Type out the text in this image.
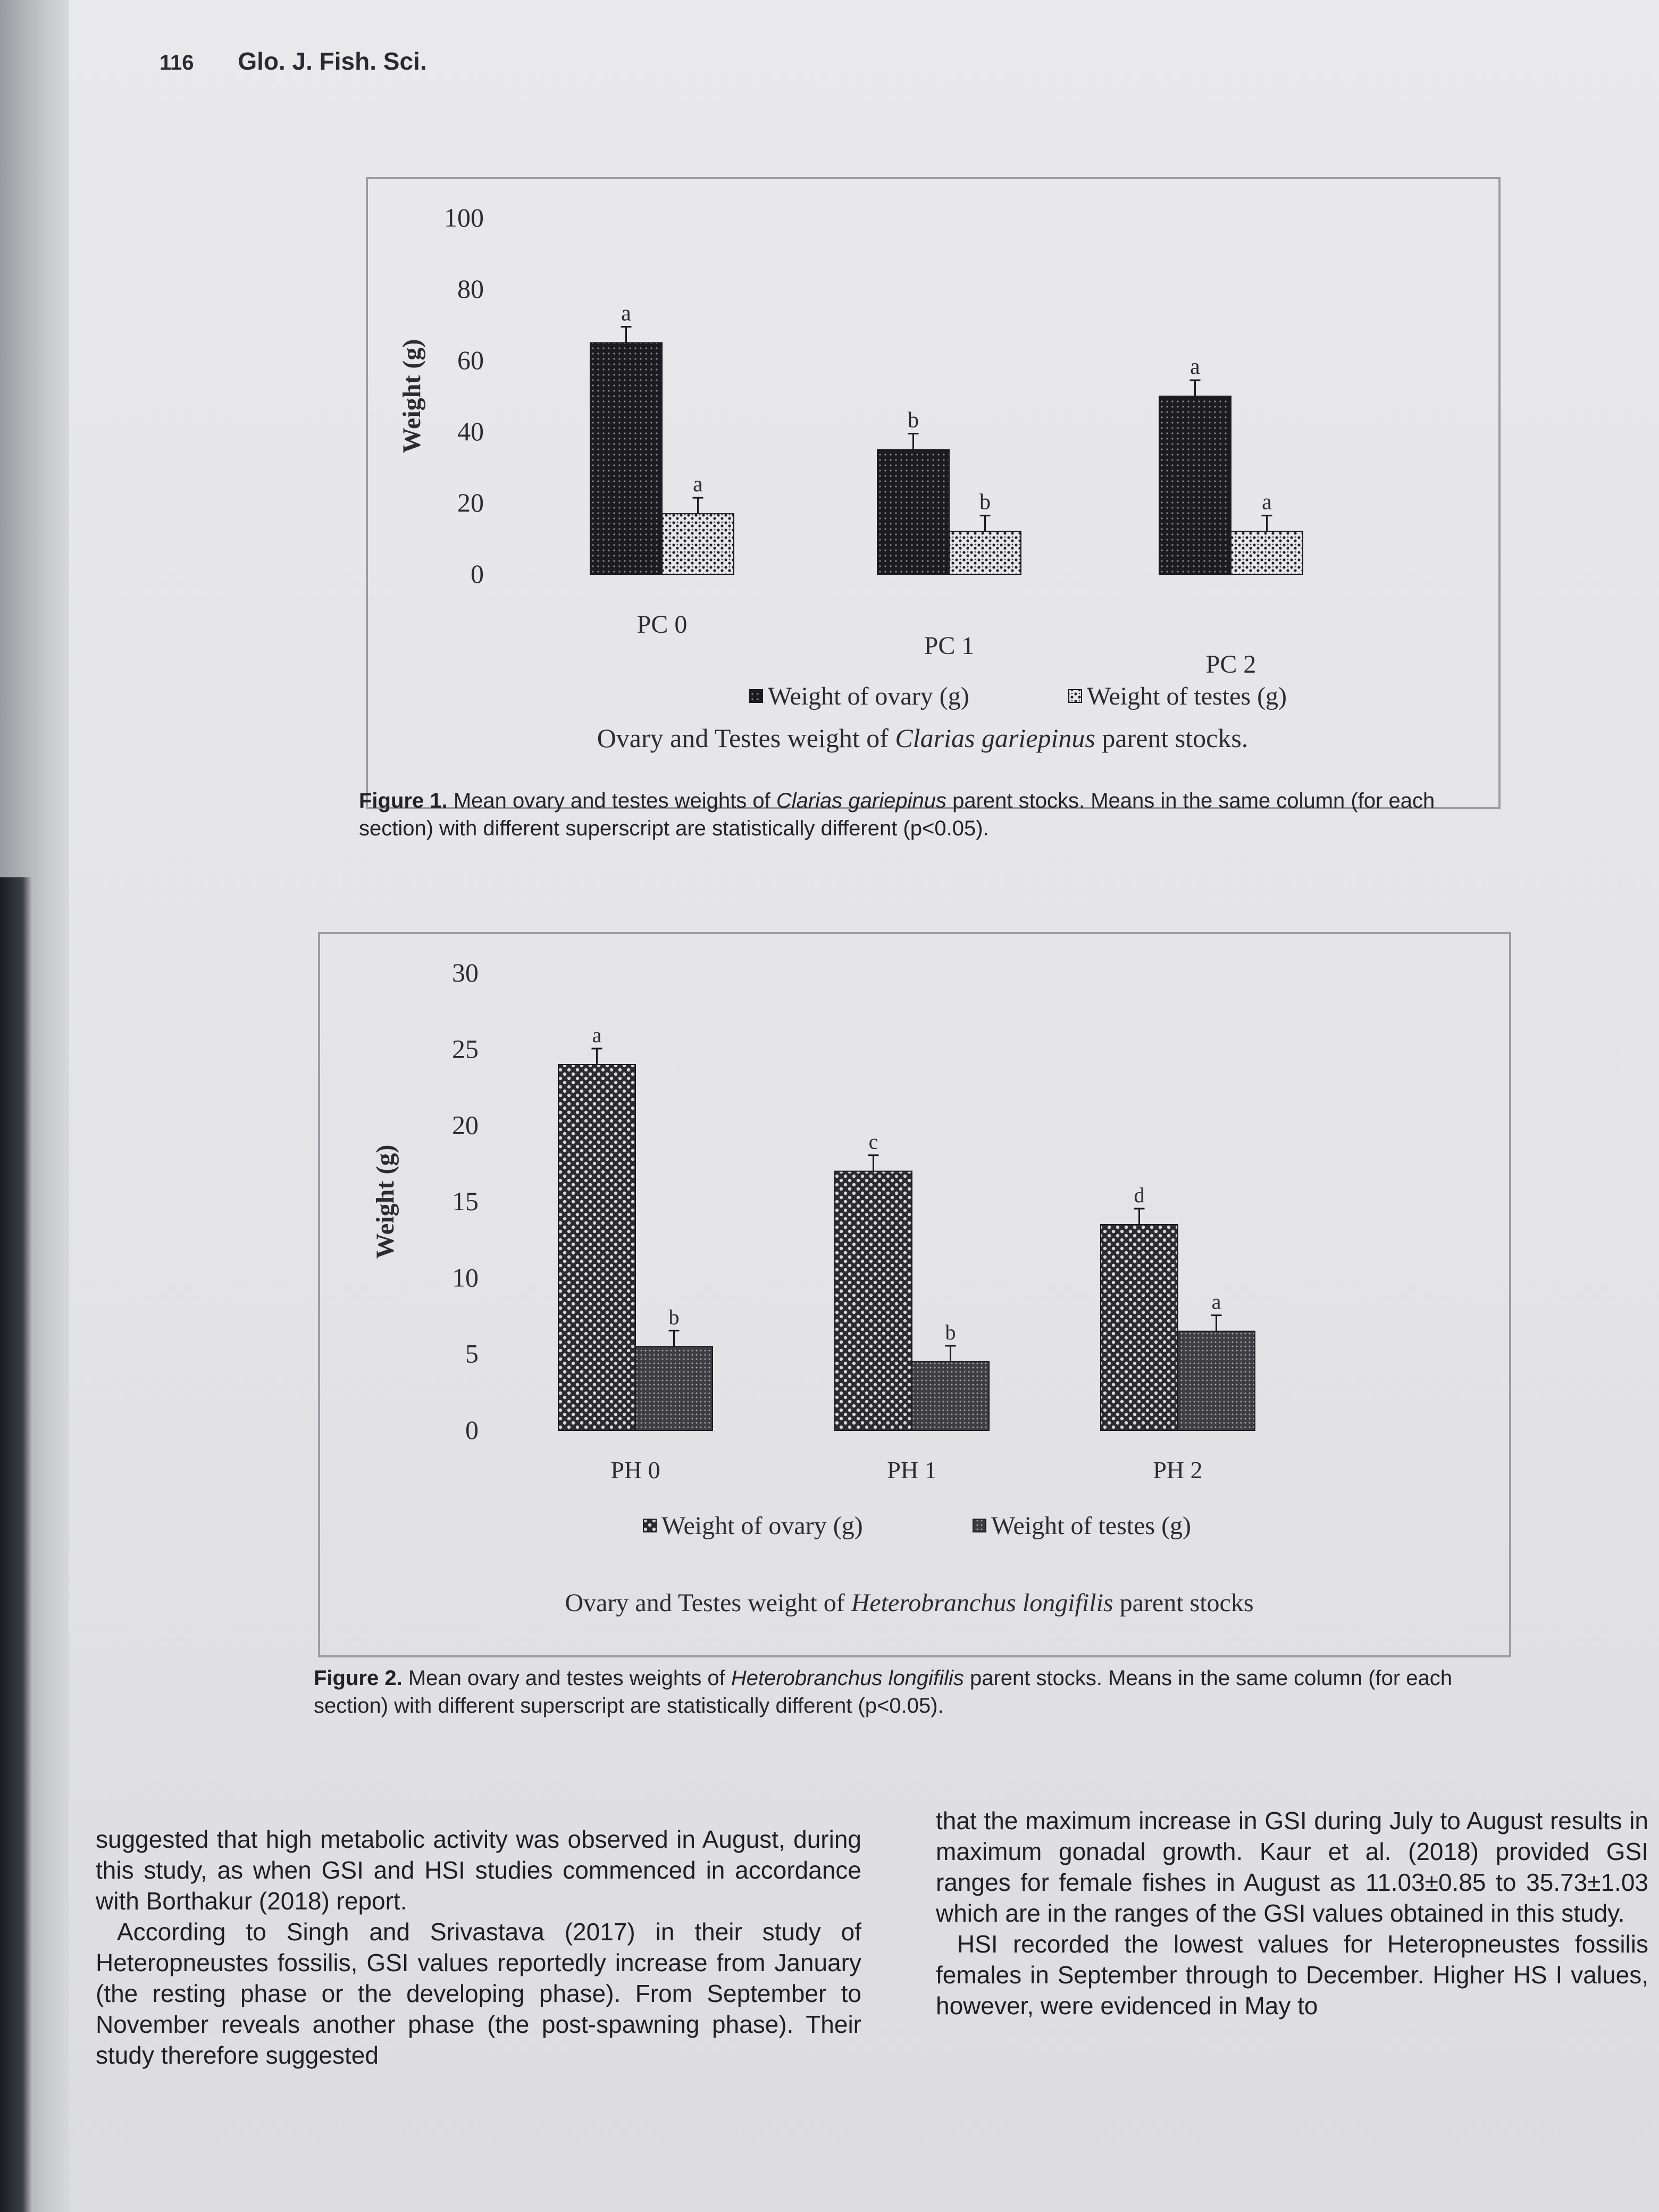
116 Glo. J. Fish. Sci.
0
20
40
60
80
100
Weight (g)
a
a
PC 0
b
b
PC 1
a
a
PC 2
Weight of ovary (g)	Weight of testes (g)
Ovary and Testes weight of Clarias gariepinus parent stocks.
0
5
10
15
20
25
30
Weight (g)
a
b
PH 0
c
b
PH 1
d
a
PH 2
Weight of ovary (g)	Weight of testes (g)
Ovary and Testes weight of Heterobranchus longifilis parent stocks
Figure 1. Mean ovary and testes weights of Clarias gariepinus parent stocks. Means in the same column (for each section) with different superscript are statistically different (p<0.05).
Figure 2. Mean ovary and testes weights of Heterobranchus longifilis parent stocks. Means in the same column (for each section) with different superscript are statistically different (p<0.05).

suggested that high metabolic activity was observed in August, during this study, as when GSI and HSI studies commenced in accordance with Borthakur (2018) report.

According to Singh and Srivastava (2017) in their study of Heteropneustes fossilis, GSI values reportedly increase from January (the resting phase or the developing phase). From September to November reveals another phase (the post-spawning phase). Their study therefore suggested

that the maximum increase in GSI during July to August results in maximum gonadal growth. Kaur et al. (2018) provided GSI ranges for female fishes in August as 11.03±0.85 to 35.73±1.03 which are in the ranges of the GSI values obtained in this study.

HSI recorded the lowest values for Heteropneustes fossilis females in September through to December. Higher HS I values, however, were evidenced in May to
